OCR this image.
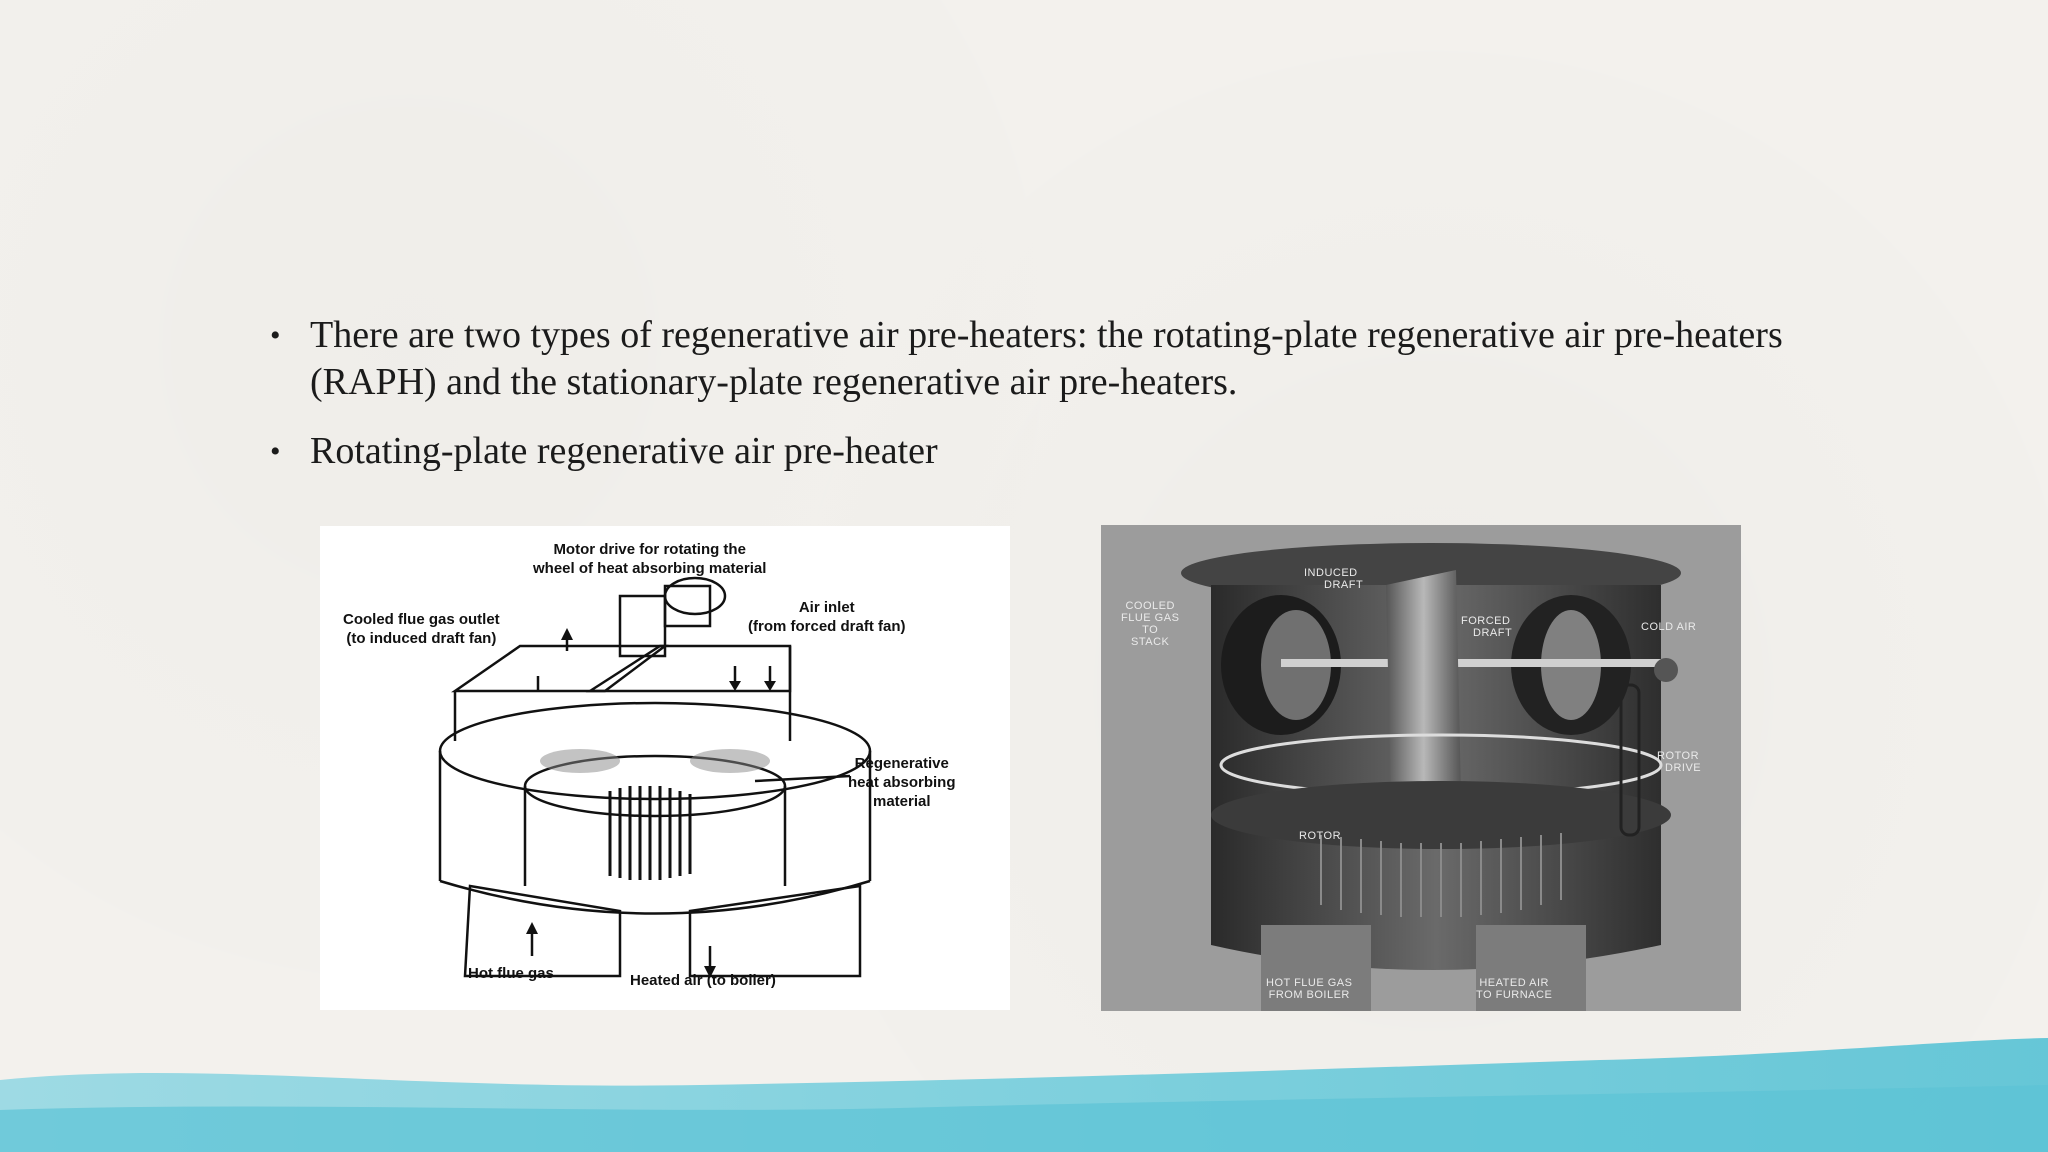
• There are two types of regenerative air pre-heaters: the rotating-plate regenerative air pre-heaters (RAPH) and the stationary-plate regenerative air pre-heaters.
• Rotating-plate regenerative air pre-heater
Motor drive for rotating the
wheel of heat absorbing material
Cooled flue gas outlet
(to induced draft fan)
Air inlet
(from forced draft fan)
Regenerative
heat absorbing
material
Hot flue gas	Heated air (to boiler)
INDUCED
DRAFT
COOLED
FLUE GAS
TO
STACK
FORCED
DRAFT	COLD AIR
ROTOR
DRIVE
ROTOR
HOT FLUE GAS
FROM BOILER
HEATED AIR
TO FURNACE
